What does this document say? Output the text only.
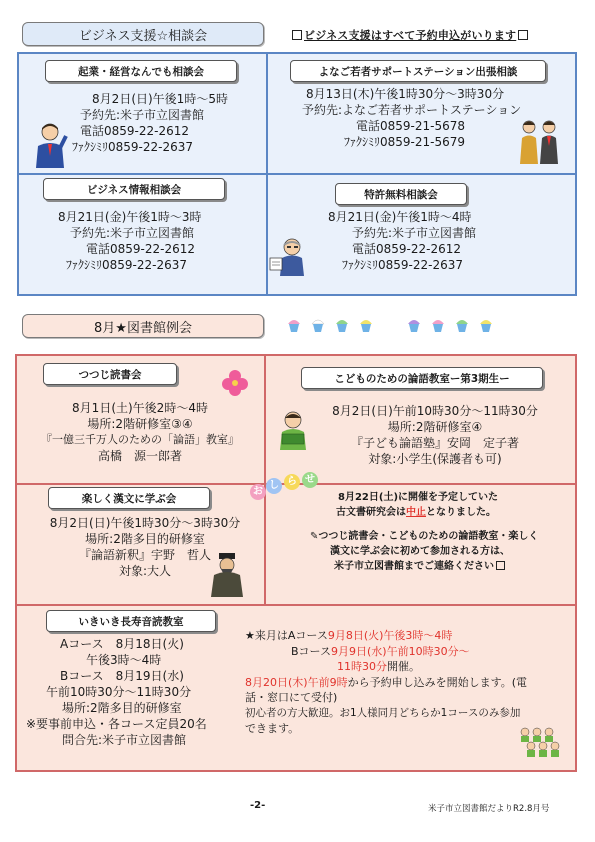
ビジネス支援☆相談会	ビジネス支援はすべて予約申込がいります
起業・経営なんでも相談会
8月2日(日)午後1時～5時
予約先:米子市立図書館
電話0859-22-2612
ﾌｧｸｼﾐﾘ0859-22-2637
よなご若者サポートステーション出張相談
8月13日(木)午後1時30分～3時30分
予約先:よなご若者サポートステーション
電話0859-21-5678
ﾌｧｸｼﾐﾘ0859-21-5679
ビジネス情報相談会
8月21日(金)午後1時～3時
予約先:米子市立図書館
電話0859-22-2612
ﾌｧｸｼﾐﾘ0859-22-2637
特許無料相談会
8月21日(金)午後1時～4時
予約先:米子市立図書館
電話0859-22-2612
ﾌｧｸｼﾐﾘ0859-22-2637
8月★図書館例会
つつじ読書会
8月1日(土)午後2時～4時
場所:2階研修室③④
『一億三千万人のための「論語」教室』
高橋　源一郎著
こどものための論語教室ー第3期生ー
8月2日(日)午前10時30分～11時30分
場所:2階研修室④
『子ども論語塾』安岡　定子著
対象:小学生(保護者も可)
楽しく漢文に学ぶ会
8月2日(日)午後1時30分～3時30分
場所:2階多目的研修室
『論語新釈』宇野　哲人
対象:大人
お
し ら せ
8月22日(土)に開催を予定していた
古文書研究会は中止となりました。
✎つつじ読書会・こどものための論語教室・楽しく
漢文に学ぶ会に初めて参加される方は、
米子市立図書館までご連絡ください
いきいき長寿音読教室
Aコース　8月18日(火)
午後3時～4時
Bコース　8月19日(水)
午前10時30分～11時30分
場所:2階多目的研修室
※要事前申込・各コース定員20名
問合先:米子市立図書館
★来月はAコース9月8日(火)午後3時～4時
Bコース9月9日(水)午前10時30分～
11時30分開催。
8月20日(木)午前9時から予約申し込みを開始します。(電
話・窓口にて受付)
初心者の方大歓迎。お1人様同月どちらか1コースのみ参加
できます。
-2-	米子市立図書館だよりR2.8月号
